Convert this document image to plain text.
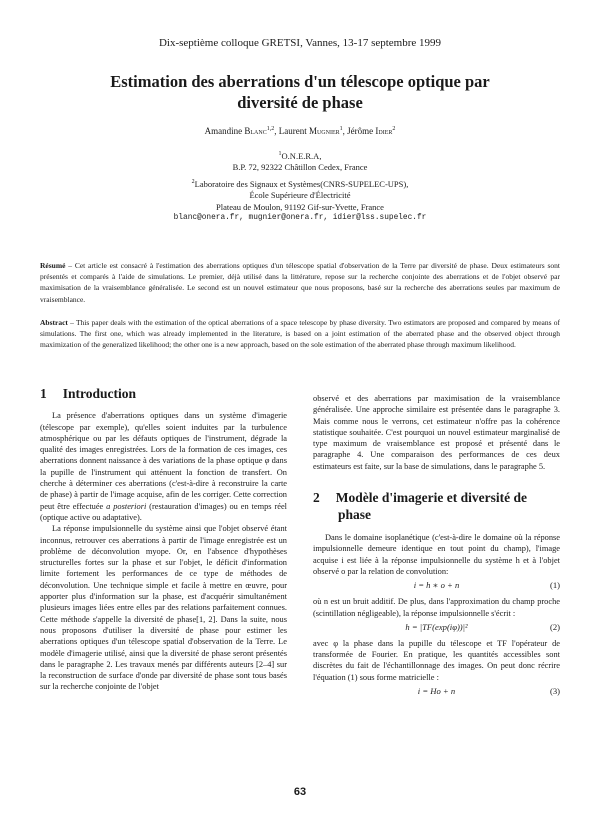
Dix-septième colloque GRETSI, Vannes, 13-17 septembre 1999
Estimation des aberrations d'un télescope optique par
diversité de phase
Amandine Blanc$^{1,2}$, Laurent Mugnier$^1$, Jérôme Idier$^2$
$^1$O.N.E.R.A,
B.P. 72, 92322 Châtillon Cedex, France
$^2$Laboratoire des Signaux et Systèmes(CNRS-SUPELEC-UPS),
École Supérieure d'Électricité
Plateau de Moulon, 91192 Gif-sur-Yvette, France
blanc@onera.fr, mugnier@onera.fr, idier@lss.supelec.fr
Résumé – Cet article est consacré à l'estimation des aberrations optiques d'un télescope spatial d'observation de la Terre par diversité de phase. Deux estimateurs sont présentés et comparés à l'aide de simulations. Le premier, déjà utilisé dans la littérature, repose sur la recherche conjointe des aberrations et de l'objet observé par maximisation de la vraisemblance généralisée. Le second est un nouvel estimateur que nous proposons, basé sur la recherche des aberrations seules par maximum de vraisemblance.
Abstract – This paper deals with the estimation of the optical aberrations of a space telescope by phase diversity. Two estimators are proposed and compared by means of simulations. The first one, which was already implemented in the literature, is based on a joint estimation of the aberrated phase and the observed object through maximization of the generalized likelihood; the other one is a new approach, based on the sole estimation of the aberrated phase through maximum likelihood.
1 Introduction

La présence d'aberrations optiques dans un système d'imagerie (télescope par exemple), qu'elles soient induites par la turbulence atmosphérique ou par les défauts optiques de l'instrument, dégrade la qualité des images enregistrées. Lors de la formation de ces images, ces aberrations donnent naissance à des variations de la phase optique φ dans la pupille de l'instrument qui atténuent la fonction de transfert. On cherche à déterminer ces aberrations (c'est-à-dire à reconstruire la carte de phase) à partir de l'image acquise, afin de les corriger. Cette correction peut être effectuée a posteriori (restauration d'images) ou en temps réel (optique active ou adaptative).

La réponse impulsionnelle du système ainsi que l'objet observé étant inconnus, retrouver ces aberrations à partir de l'image enregistrée est un problème de déconvolution myope. Or, en l'absence d'hypothèses structurelles fortes sur la phase et sur l'objet, le déficit d'information limite fortement les performances de ce type de méthodes de déconvolution. Une technique simple et facile à mettre en œuvre, pour apporter plus d'information sur la phase, est d'acquérir simultanément plusieurs images liées entre elles par des relations parfaitement connues. Cette méthode s'appelle la diversité de phase[1, 2]. Dans la suite, nous nous proposons d'utiliser la diversité de phase pour estimer les aberrations optiques d'un télescope spatial d'observation de la Terre. Le modèle d'imagerie utilisé, ainsi que la diversité de phase seront présentés dans le paragraphe 2. Les travaux menés par différents auteurs [2–4] sur la reconstruction de surface d'onde par diversité de phase sont tous basés sur la recherche conjointe de l'objet

observé et des aberrations par maximisation de la vraisemblance généralisée. Une approche similaire est présentée dans le paragraphe 3. Mais comme nous le verrons, cet estimateur n'offre pas la cohérence statistique souhaitée. C'est pourquoi un nouvel estimateur marginalisé de type maximum de vraisemblance est proposé et présenté dans le paragraphe 4. Une comparaison des performances de ces deux estimateurs est faite, sur la base de simulations, dans le paragraphe 5.

2 Modèle d'imagerie et diversité de
phase

Dans le domaine isoplanétique (c'est-à-dire le domaine où la réponse impulsionnelle demeure identique en tout point du champ), l'image acquise i est liée à la réponse impulsionnelle du système h et à l'objet observé o par la relation de convolution:

i = h ∗ o + n	(1)

où n est un bruit additif. De plus, dans l'approximation du champ proche (scintillation négligeable), la réponse impulsionnelle s'écrit :

h = |TF(exp(iφ))|²	(2)

avec φ la phase dans la pupille du télescope et TF l'opérateur de transformée de Fourier. En pratique, les quantités accessibles sont discrètes du fait de l'échantillonnage des images. On peut donc récrire l'équation (1) sous forme matricielle :

i = Ho + n	(3)
63
